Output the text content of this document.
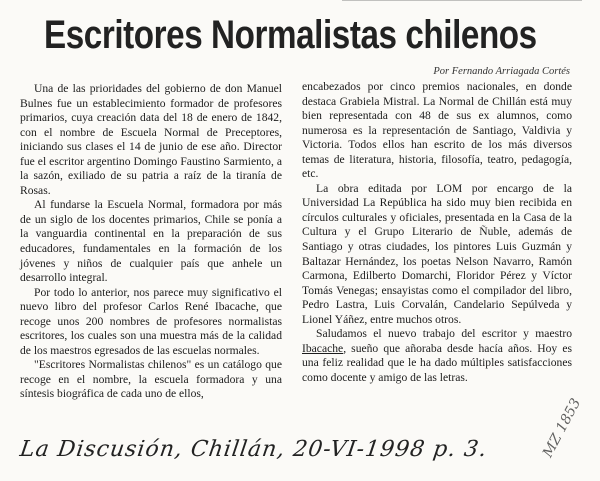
Escritores Normalistas chilenos
Por Fernando Arriagada Cortés

Una de las prioridades del gobierno de don Manuel Bulnes fue un establecimiento formador de profesores primarios, cuya creación data del 18 de enero de 1842, con el nombre de Escuela Normal de Preceptores, iniciando sus clases el 14 de junio de ese año. Director fue el escritor argentino Domingo Faustino Sarmiento, a la sazón, exiliado de su patria a raíz de la tiranía de Rosas.

Al fundarse la Escuela Normal, formadora por más de un siglo de los docentes primarios, Chile se ponía a la vanguardia continental en la preparación de sus educadores, fundamentales en la formación de los jóvenes y niños de cualquier país que anhele un desarrollo integral.

Por todo lo anterior, nos parece muy significativo el nuevo libro del profesor Carlos René Ibacache, que recoge unos 200 nombres de profesores normalistas escritores, los cuales son una muestra más de la calidad de los maestros egresados de las escuelas normales.

"Escritores Normalistas chilenos" es un catálogo que recoge en el nombre, la escuela formadora y una síntesis biográfica de cada uno de ellos,

encabezados por cinco premios nacionales, en donde destaca Grabiela Mistral. La Normal de Chillán está muy bien representada con 48 de sus ex alumnos, como numerosa es la representación de Santiago, Valdivia y Victoria. Todos ellos han escrito de los más diversos temas de literatura, historia, filosofía, teatro, pedagogía, etc.

La obra editada por LOM por encargo de la Universidad La República ha sido muy bien recibida en círculos culturales y oficiales, presentada en la Casa de la Cultura y el Grupo Literario de Ñuble, además de Santiago y otras ciudades, los pintores Luis Guzmán y Baltazar Hernández, los poetas Nelson Navarro, Ramón Carmona, Edilberto Domarchi, Floridor Pérez y Víctor Tomás Venegas; ensayistas como el compilador del libro, Pedro Lastra, Luis Corvalán, Candelario Sepúlveda y Lionel Yáñez, entre muchos otros.

Saludamos el nuevo trabajo del escritor y maestro Ibacache, sueño que añoraba desde hacía años. Hoy es una feliz realidad que le ha dado múltiples satisfacciones como docente y amigo de las letras.

La Discusión, Chillán, 20-VI-1998 p. 3.	MZ 1853
